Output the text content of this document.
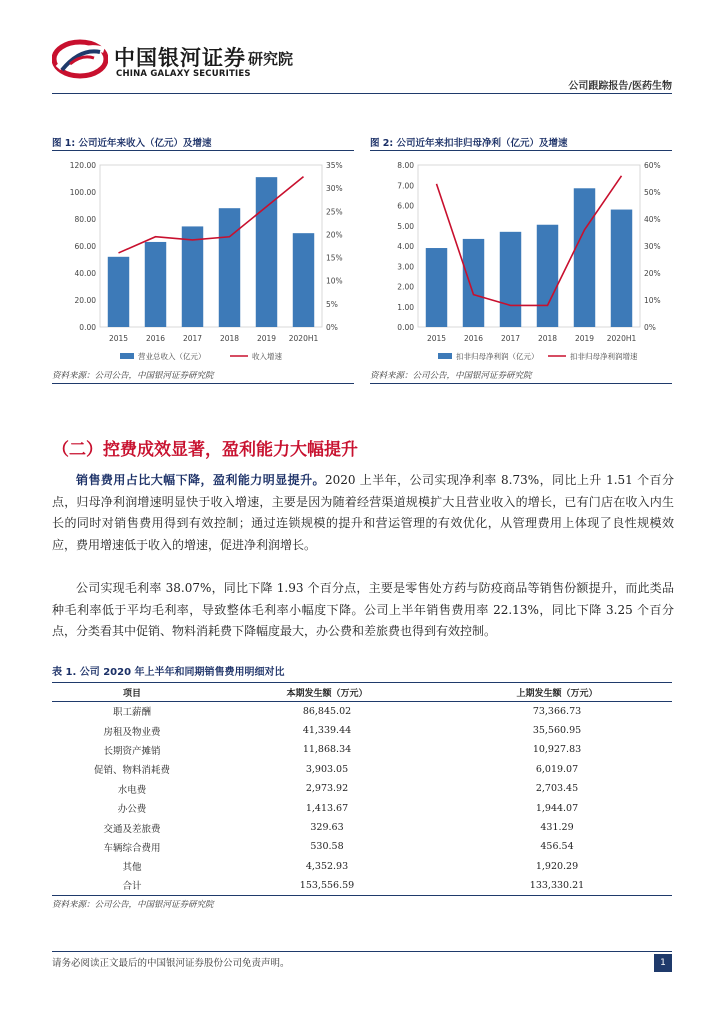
中国银河证券
CHINA GALAXY SECURITIES
研究院
公司跟踪报告/医药生物
图 1: 公司近年来收入（亿元）及增速
0.00
20.00
40.00
60.00
80.00
100.00
120.00
0%
5%
10%
15%
20%
25%
30%
35%
2015 2016 2017 2018 2019 2020H1
营业总收入（亿元）	收入增速
资料来源：公司公告，中国银河证券研究院
图 2: 公司近年来扣非归母净利（亿元）及增速
0.00
1.00
2.00
3.00
4.00
5.00
6.00
7.00
8.00
0%
10%
20%
30%
40%
50%
60%
2015 2016 2017 2018 2019 2020H1
扣非归母净利润（亿元）	扣非归母净利润增速
资料来源：公司公告，中国银河证券研究院
（二）控费成效显著，盈利能力大幅提升
销售费用占比大幅下降，盈利能力明显提升。2020 上半年，公司实现净利率 8.73%，同比上升 1.51 个百分点，归母净利润增速明显快于收入增速，主要是因为随着经营渠道规模扩大且营业收入的增长，已有门店在收入内生长的同时对销售费用得到有效控制；通过连锁规模的提升和营运管理的有效优化，从管理费用上体现了良性规模效应，费用增速低于收入的增速，促进净利润增长。
公司实现毛利率 38.07%，同比下降 1.93 个百分点，主要是零售处方药与防疫商品等销售份额提升，而此类品种毛利率低于平均毛利率，导致整体毛利率小幅度下降。公司上半年销售费用率 22.13%，同比下降 3.25 个百分点，分类看其中促销、物料消耗费下降幅度最大，办公费和差旅费也得到有效控制。
表 1. 公司 2020 年上半年和同期销售费用明细对比
项目	本期发生额（万元）	上期发生额（万元）
职工薪酬	86,845.02	73,366.73
房租及物业费	41,339.44	35,560.95
长期资产摊销	11,868.34	10,927.83
促销、物料消耗费	3,903.05	6,019.07
水电费	2,973.92	2,703.45
办公费	1,413.67	1,944.07
交通及差旅费	329.63	431.29
车辆综合费用	530.58	456.54
其他	4,352.93	1,920.29
合计	153,556.59	133,330.21
资料来源：公司公告，中国银河证券研究院
请务必阅读正文最后的中国银河证券股份公司免责声明。	1
